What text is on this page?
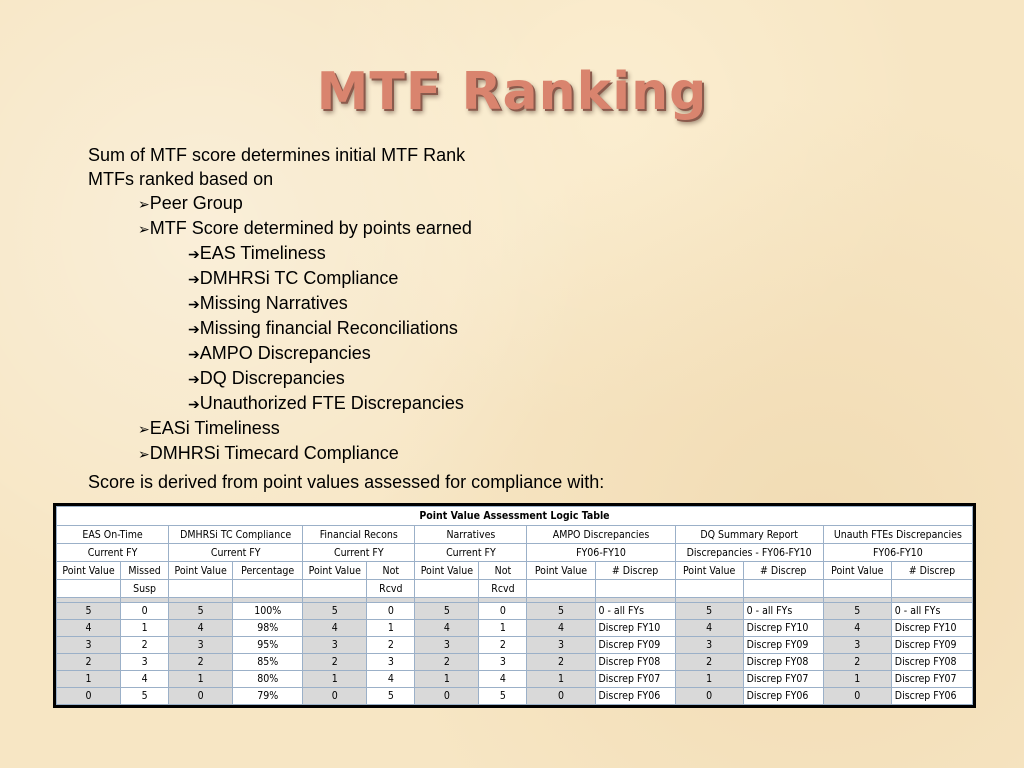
MTF Ranking
Sum of MTF score determines initial MTF Rank
MTFs ranked based on
➢Peer Group
➢MTF Score determined by points earned
➔EAS Timeliness
➔DMHRSi TC Compliance
➔Missing Narratives
➔Missing financial Reconciliations
➔AMPO Discrepancies
➔DQ Discrepancies
➔Unauthorized FTE Discrepancies
➢EASi Timeliness
➢DMHRSi Timecard Compliance
Score is derived from point values assessed for compliance with:
Point Value Assessment Logic Table													
EAS On-Time		DMHRSi TC Compliance		Financial Recons		Narratives		AMPO Discrepancies		DQ Summary Report		Unauth FTEs Discrepancies	
Current FY		Current FY		Current FY		Current FY		FY06-FY10		Discrepancies - FY06-FY10		FY06-FY10	
Point Value	Missed	Point Value	Percentage	Point Value	Not	Point Value	Not	Point Value	# Discrep	Point Value	# Discrep	Point Value	# Discrep
	Susp				Rcvd		Rcvd						

5	0	5	100%	5	0	5	0	5	0 - all FYs	5	0 - all FYs	5	0 - all FYs
4	1	4	98%	4	1	4	1	4	Discrep FY10	4	Discrep FY10	4	Discrep FY10
3	2	3	95%	3	2	3	2	3	Discrep FY09	3	Discrep FY09	3	Discrep FY09
2	3	2	85%	2	3	2	3	2	Discrep FY08	2	Discrep FY08	2	Discrep FY08
1	4	1	80%	1	4	1	4	1	Discrep FY07	1	Discrep FY07	1	Discrep FY07
0	5	0	79%	0	5	0	5	0	Discrep FY06	0	Discrep FY06	0	Discrep FY06
